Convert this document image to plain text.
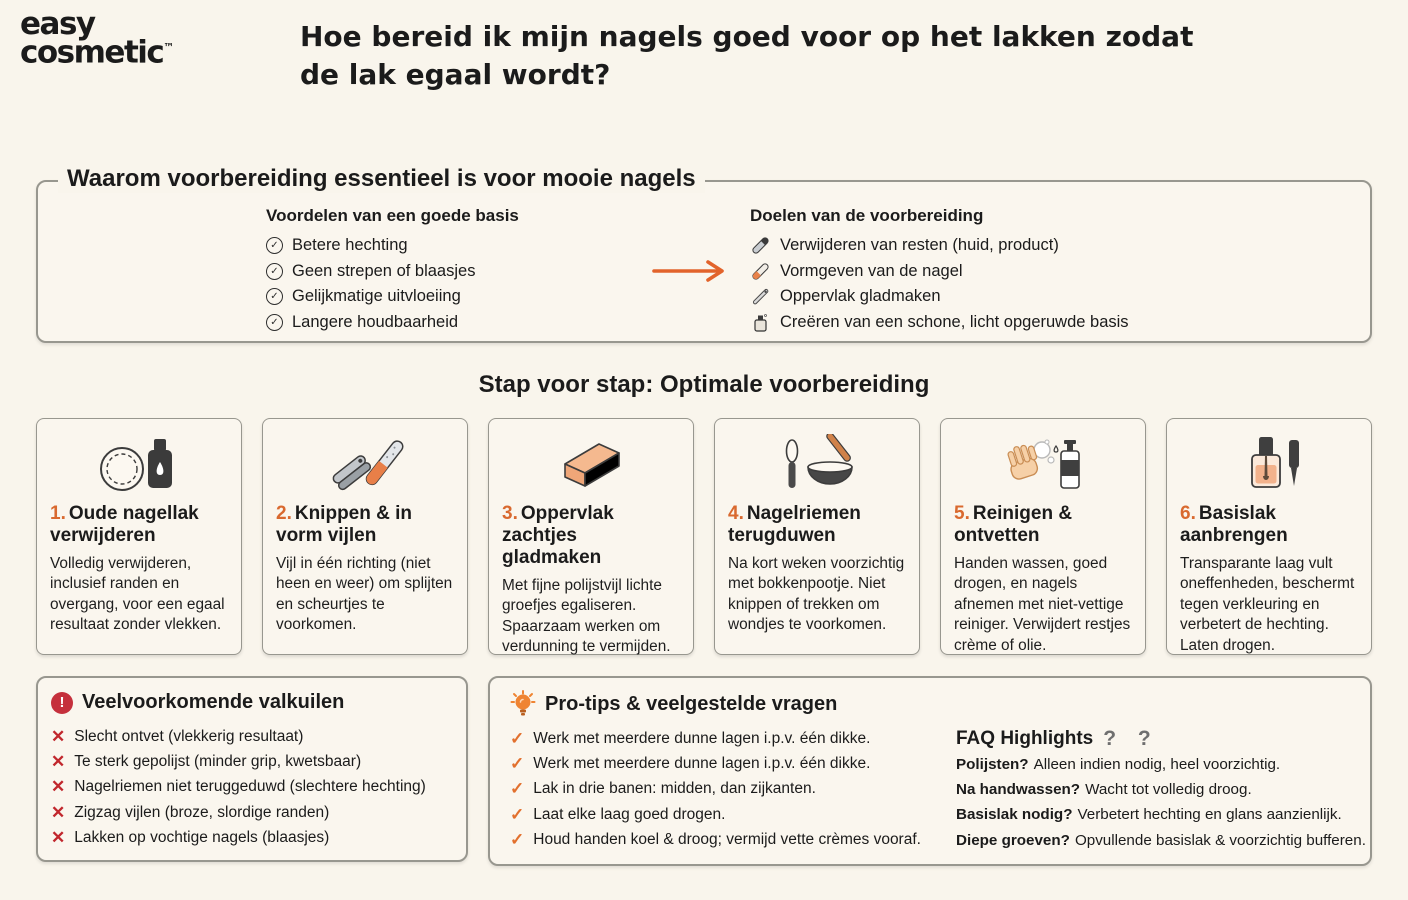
easy
cosmetic™	Hoe bereid ik mijn nagels goed voor op het lakken zodat de lak egaal wordt?
Waarom voorbereiding essentieel is voor mooie nagels
Voordelen van een goede basis
✓ Betere hechting
✓ Geen strepen of blaasjes
✓ Gelijkmatige uitvloeiing
✓ Langere houdbaarheid
Doelen van de voorbereiding
Verwijderen van resten (huid, product)
Vormgeven van de nagel
Oppervlak gladmaken
Creëren van een schone, licht opgeruwde basis
Stap voor stap: Optimale voorbereiding
1. Oude nagellak verwijderen
Volledig verwijderen, inclusief randen en overgang, voor een egaal resultaat zonder vlekken.
2. Knippen & in vorm vijlen
Vijl in één richting (niet heen en weer) om splijten en scheurtjes te voorkomen.
3. Oppervlak zachtjes gladmaken
Met fijne polijstvijl lichte groefjes egaliseren. Spaarzaam werken om verdunning te vermijden.
4. Nagelriemen terugduwen
Na kort weken voorzichtig met bokkenpootje. Niet knippen of trekken om wondjes te voorkomen.
5. Reinigen & ontvetten
Handen wassen, goed drogen, en nagels afnemen met niet-vettige reiniger. Verwijdert restjes crème of olie.
6. Basislak aanbrengen
Transparante laag vult oneffenheden, beschermt tegen verkleuring en verbetert de hechting. Laten drogen.
! Veelvoorkomende valkuilen
✕ Slecht ontvet (vlekkerig resultaat)
✕ Te sterk gepolijst (minder grip, kwetsbaar)
✕ Nagelriemen niet teruggeduwd (slechtere hechting)
✕ Zigzag vijlen (broze, slordige randen)
✕ Lakken op vochtige nagels (blaasjes)
Pro-tips & veelgestelde vragen
✓ Werk met meerdere dunne lagen i.p.v. één dikke.
✓ Werk met meerdere dunne lagen i.p.v. één dikke.
✓ Lak in drie banen: midden, dan zijkanten.
✓ Laat elke laag goed drogen.
✓ Houd handen koel & droog; vermijd vette crèmes vooraf.
FAQ Highlights ? ?
Polijsten? Alleen indien nodig, heel voorzichtig.
Na handwassen? Wacht tot volledig droog.
Basislak nodig? Verbetert hechting en glans aanzienlijk.
Diepe groeven? Opvullende basislak & voorzichtig bufferen.
